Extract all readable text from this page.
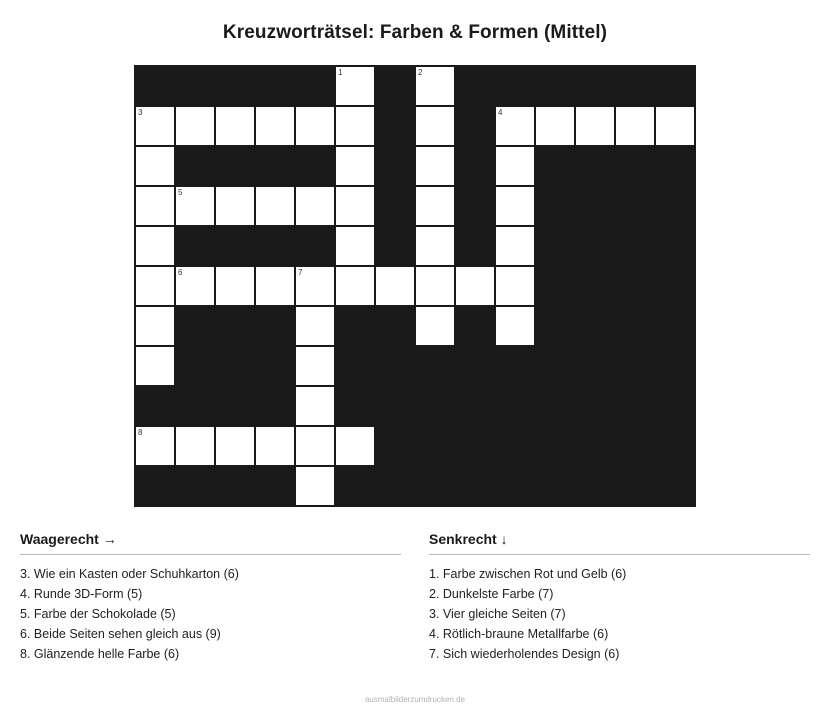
Kreuzworträtsel: Farben & Formen (Mittel)
1	2
3	4
5
6	7
8
Waagerecht →
3. Wie ein Kasten oder Schuhkarton (6)
4. Runde 3D-Form (5)
5. Farbe der Schokolade (5)
6. Beide Seiten sehen gleich aus (9)
8. Glänzende helle Farbe (6)
Senkrecht ↓
1. Farbe zwischen Rot und Gelb (6)
2. Dunkelste Farbe (7)
3. Vier gleiche Seiten (7)
4. Rötlich-braune Metallfarbe (6)
7. Sich wiederholendes Design (6)
ausmalbilderzumdrucken.de
